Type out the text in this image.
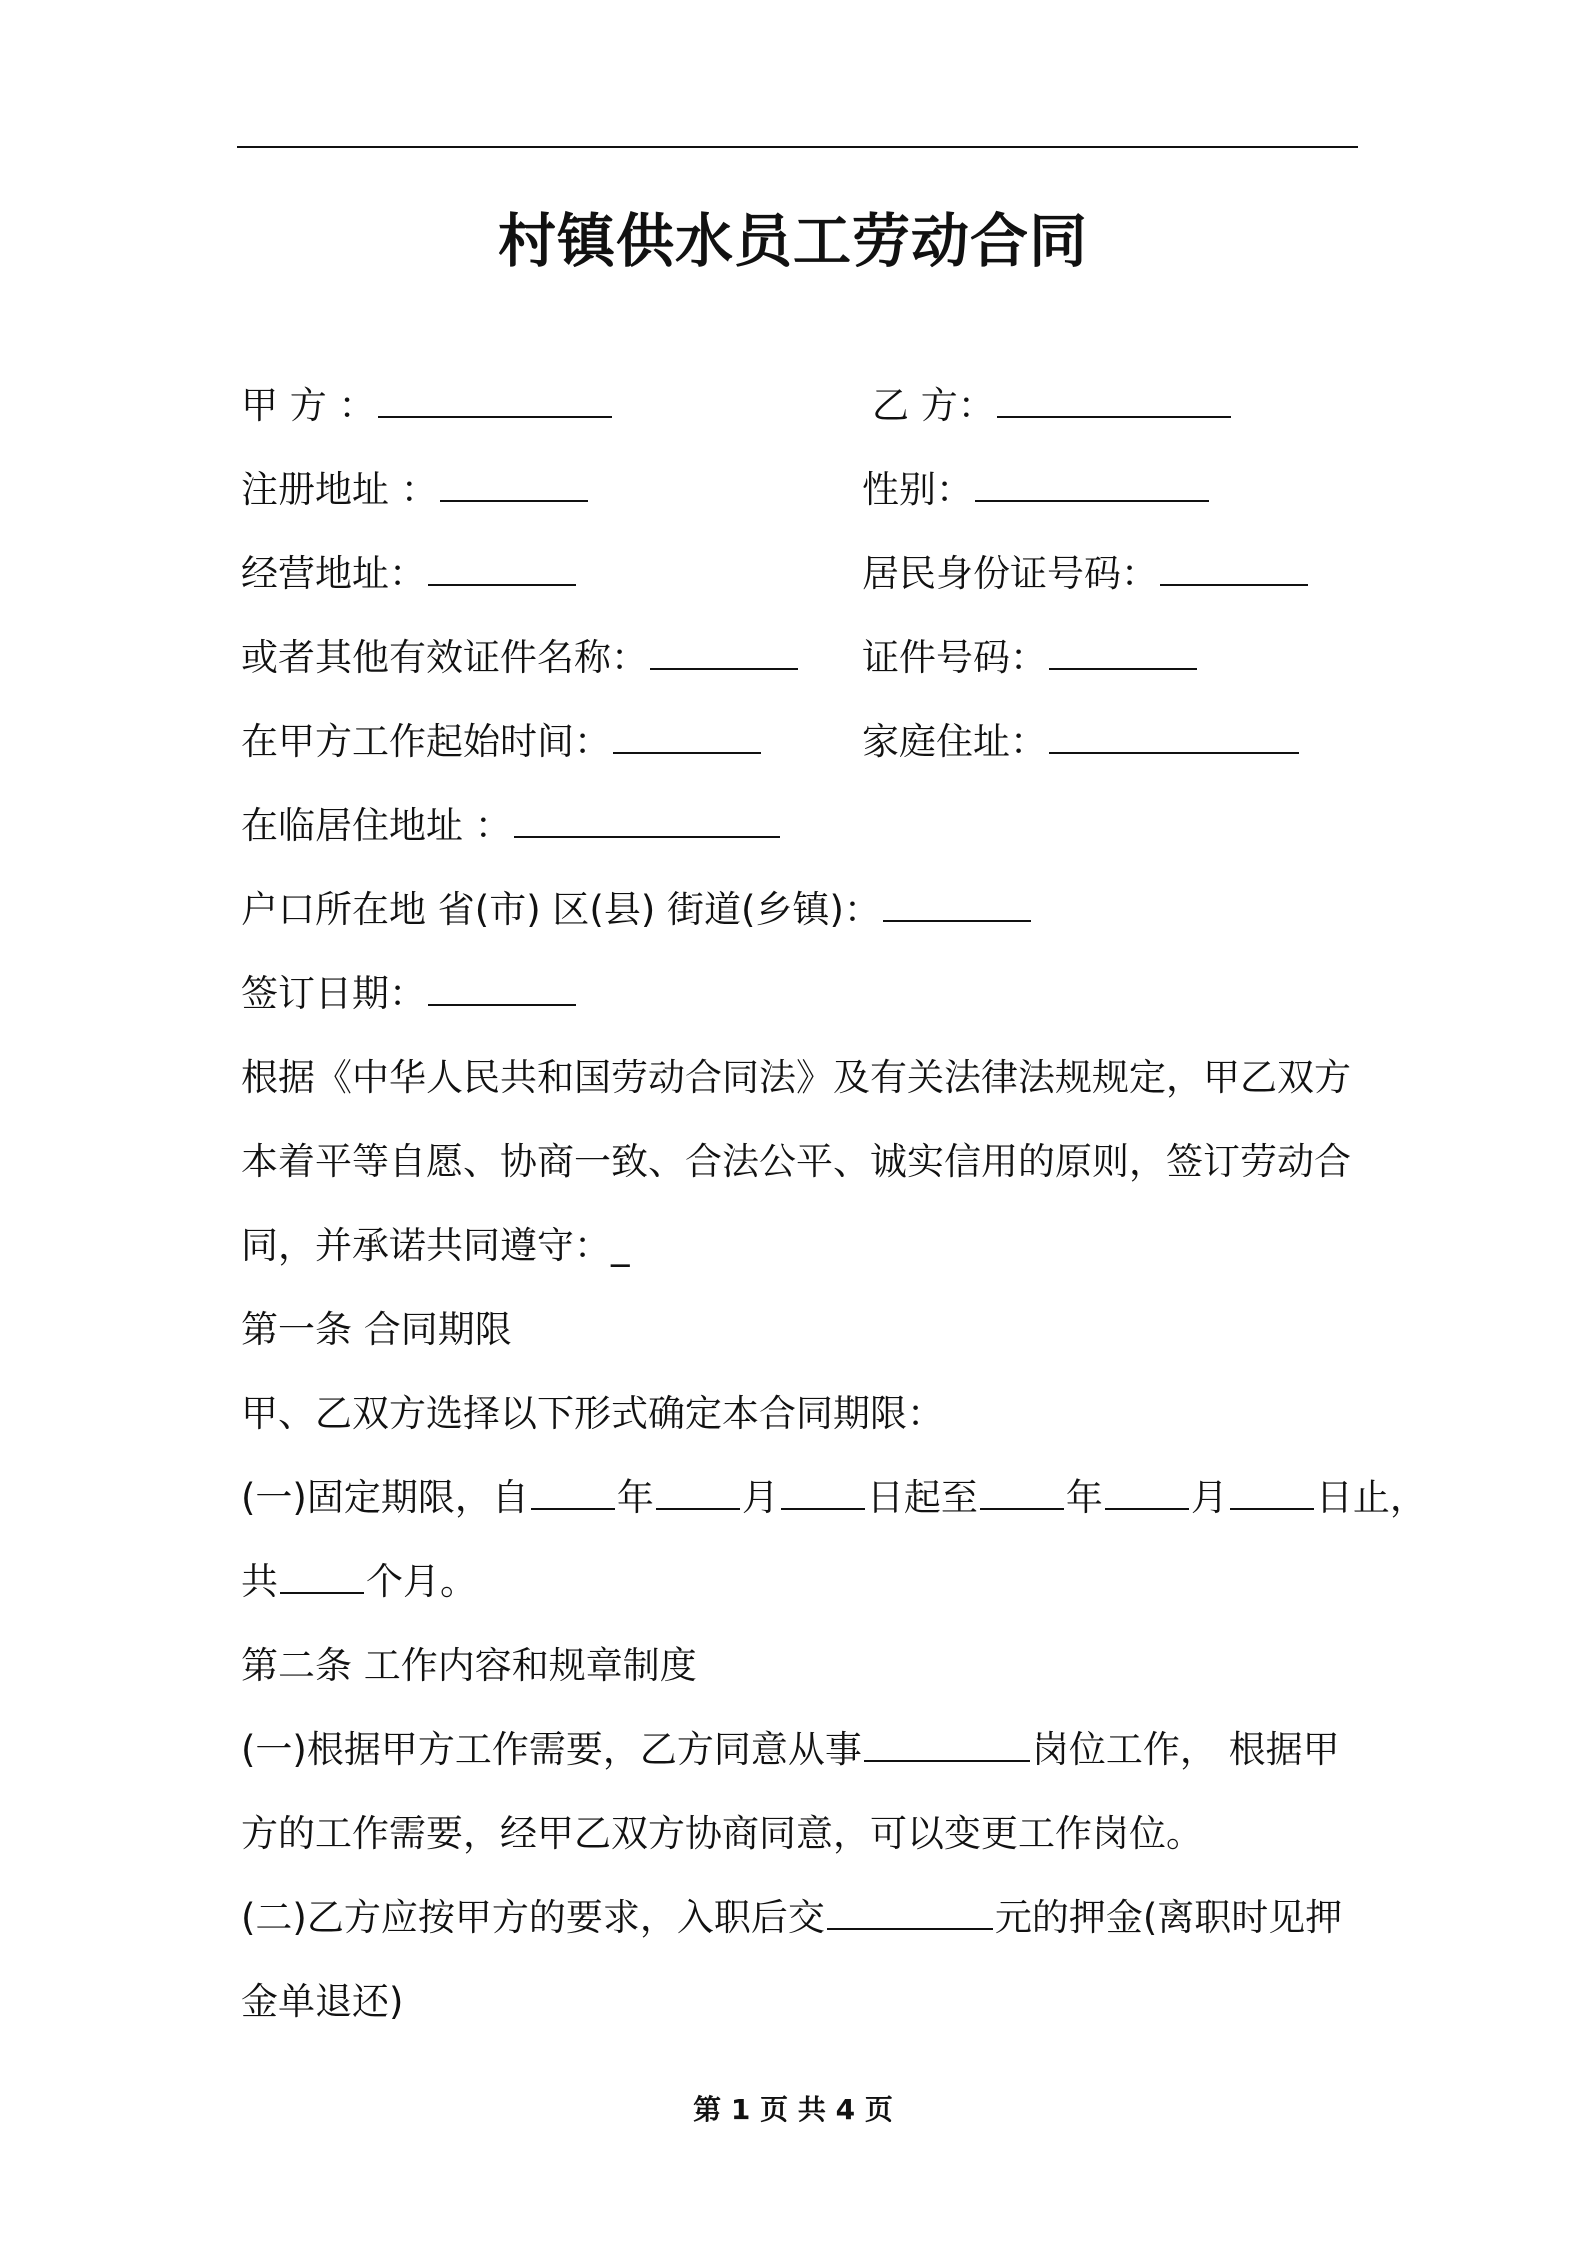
村镇供水员工劳动合同
甲 方 ：	乙 方：
注册地址 ：	性别：
经营地址：	居民身份证号码：
或者其他有效证件名称：	证件号码：
在甲方工作起始时间：	家庭住址：
在临居住地址 ：
户口所在地 省(市) 区(县) 街道(乡镇)：
签订日期：
根据《中华人民共和国劳动合同法》及有关法律法规规定，甲乙双方
本着平等自愿、协商一致、合法公平、诚实信用的原则，签订劳动合
同，并承诺共同遵守：_
第一条 合同期限
甲、乙双方选择以下形式确定本合同期限：
(一)固定期限，自 年 月 日起至 年 月 日止，
共 个月。
第二条 工作内容和规章制度
(一)根据甲方工作需要，乙方同意从事	岗位工作， 根据甲
方的工作需要，经甲乙双方协商同意，可以变更工作岗位。
(二)乙方应按甲方的要求，入职后交	元的押金(离职时见押
金单退还)
第 1 页 共 4 页
